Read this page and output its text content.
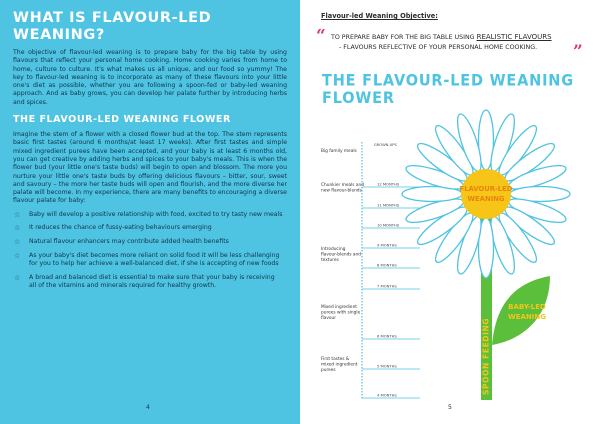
WHAT IS FLAVOUR-LED WEANING?

The objective of flavour-led weaning is to prepare baby for the big table by using flavours that reflect your personal home cooking. Home cooking varies from home to home, culture to culture. It's what makes us all unique, and our food so yummy! The key to flavour-led weaning is to incorporate as many of these flavours into your little one's diet as possible, whether you are following a spoon-fed or baby-led weaning approach. And as baby grows, you can develop her palate further by introducing herbs and spices.

THE FLAVOUR-LED WEANING FLOWER

Imagine the stem of a flower with a closed flower bud at the top. The stem represents basic first tastes (around 6 months/at least 17 weeks). After first tastes and simple mixed ingredient purees have been accepted, and your baby is at least 6 months old, you can get creative by adding herbs and spices to your baby's meals. This is when the flower bud (your little one's taste buds) will begin to open and blossom. The more you nurture your little one's taste buds by offering delicious flavours – bitter, sour, sweet and savoury – the more her taste buds will open and flourish, and the more diverse her palate will become. In my experience, there are many benefits to encouraging a diverse flavour palate for baby:

☆	Baby will develop a positive relationship with food, excited to try tasty new meals
☆	It reduces the chance of fussy-eating behaviours emerging
☆	Natural flavour enhancers may contribute added health benefits
☆	As your baby's diet becomes more reliant on solid food it will be less challenging for you to help her achieve a well-balanced diet, if she is accepting of new foods
☆	A broad and balanced diet is essential to make sure that your baby is receiving all of the vitamins and minerals required for healthy growth.
4
Flavour-led Weaning Objective:
“ TO PREPARE BABY FOR THE BIG TABLE USING REALISTIC FLAVOURS
- FLAVOURS REFLECTIVE OF YOUR PERSONAL HOME COOKING.	”
THE FLAVOUR-LED WEANING FLOWER
GROWN-UPS
12 MONTHS
11 MONTHS
10 MONTHS
9 MONTHS
8 MONTHS
7 MONTHS
6 MONTHS
5 MONTHS
4 MONTHS
Big family meals
Chunkier meals and new flavour-blends
Introducing flavour-blends and textures
Mixed ingredient purees with single flavour
First tastes & mixed ingredient purees	SPOON FEEDING
BABY-LED
WEANING
FLAVOUR-LED
WEANING
5
